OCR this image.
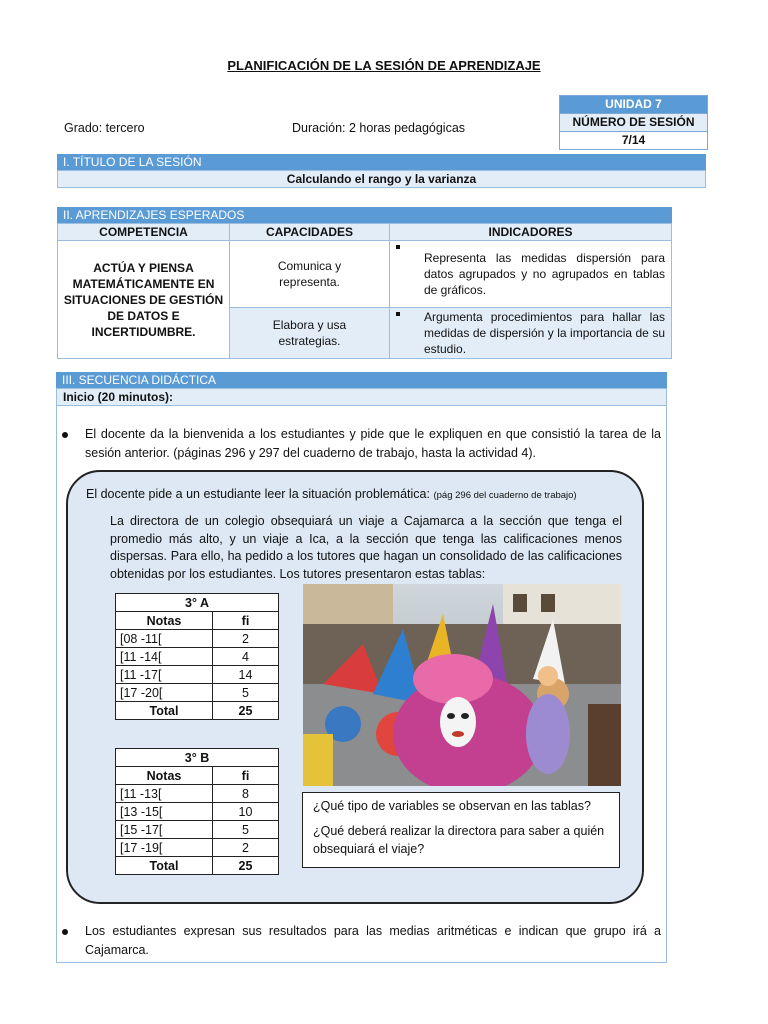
PLANIFICACIÓN DE LA SESIÓN DE APRENDIZAJE
UNIDAD 7
NÚMERO DE SESIÓN
7/14
Grado: tercero	Duración: 2 horas pedagógicas
I. TÍTULO DE LA SESIÓN
Calculando el rango y la varianza
II. APRENDIZAJES ESPERADOS
COMPETENCIA	CAPACIDADES	INDICADORES
ACTÚA Y PIENSA MATEMÁTICAMENTE EN SITUACIONES DE GESTIÓN DE DATOS E INCERTIDUMBRE.	Comunica y representa.	Representa las medidas dispersión para datos agrupados y no agrupados en tablas de gráficos.
	Elabora y usa estrategias.	Argumenta procedimientos para hallar las medidas de dispersión y la importancia de su estudio.
III. SECUENCIA DIDÁCTICA
Inicio (20 minutos):
El docente da la bienvenida a los estudiantes y pide que le expliquen en que consistió la tarea de la sesión anterior. (páginas 296 y 297 del cuaderno de trabajo, hasta la actividad 4).
El docente pide a un estudiante leer la situación problemática: (pág 296 del cuaderno de trabajo)
La directora de un colegio obsequiará un viaje a Cajamarca a la sección que tenga el promedio más alto, y un viaje a Ica, a la sección que tenga las calificaciones menos dispersas. Para ello, ha pedido a los tutores que hagan un consolidado de las calificaciones obtenidas por los estudiantes. Los tutores presentaron estas tablas:
3° A	
Notas	fi
[08 -11[	2
[11 -14[	4
[11 -17[	14
[17 -20[	5
Total	25
3° B	
Notas	fi
[11 -13[	8
[13 -15[	10
[15 -17[	5
[17 -19[	2
Total	25
¿Qué tipo de variables se observan en las tablas?
¿Qué deberá realizar la directora para saber a quién obsequiará el viaje?
Los estudiantes expresan sus resultados para las medias aritméticas e indican que grupo irá a Cajamarca.
